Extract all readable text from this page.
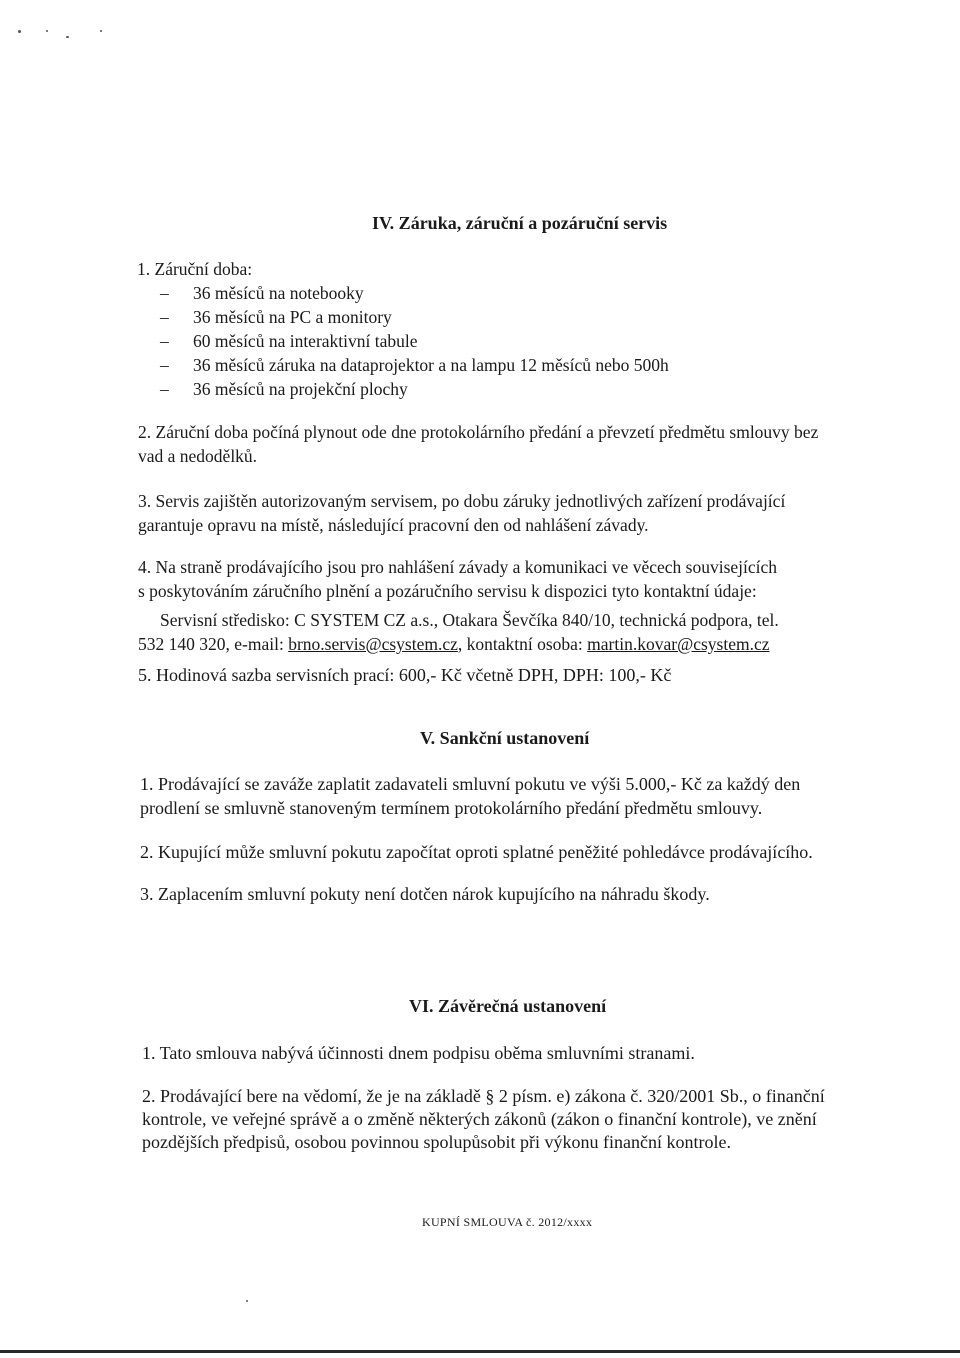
IV. Záruka, záruční a pozáruční servis
1. Záruční doba:
– 36 měsíců na notebooky
– 36 měsíců na PC a monitory
– 60 měsíců na interaktivní tabule
– 36 měsíců záruka na dataprojektor a na lampu 12 měsíců nebo 500h
– 36 měsíců na projekční plochy
2. Záruční doba počíná plynout ode dne protokolárního předání a převzetí předmětu smlouvy bez
vad a nedodělků.
3. Servis zajištěn autorizovaným servisem, po dobu záruky jednotlivých zařízení prodávající
garantuje opravu na místě, následující pracovní den od nahlášení závady.
4. Na straně prodávajícího jsou pro nahlášení závady a komunikaci ve věcech souvisejících
s poskytováním záručního plnění a pozáručního servisu k dispozici tyto kontaktní údaje:
Servisní středisko: C SYSTEM CZ a.s., Otakara Ševčíka 840/10, technická podpora, tel.
532 140 320, e-mail: brno.servis@csystem.cz, kontaktní osoba: martin.kovar@csystem.cz
5. Hodinová sazba servisních prací: 600,- Kč včetně DPH, DPH: 100,- Kč
V. Sankční ustanovení
1. Prodávající se zaváže zaplatit zadavateli smluvní pokutu ve výši 5.000,- Kč za každý den
prodlení se smluvně stanoveným termínem protokolárního předání předmětu smlouvy.
2. Kupující může smluvní pokutu započítat oproti splatné peněžité pohledávce prodávajícího.
3. Zaplacením smluvní pokuty není dotčen nárok kupujícího na náhradu škody.
VI. Závěrečná ustanovení
1. Tato smlouva nabývá účinnosti dnem podpisu oběma smluvními stranami.
2. Prodávající bere na vědomí, že je na základě § 2 písm. e) zákona č. 320/2001 Sb., o finanční
kontrole, ve veřejné správě a o změně některých zákonů (zákon o finanční kontrole), ve znění
pozdějších předpisů, osobou povinnou spolupůsobit při výkonu finanční kontrole.
KUPNÍ SMLOUVA č. 2012/xxxx
